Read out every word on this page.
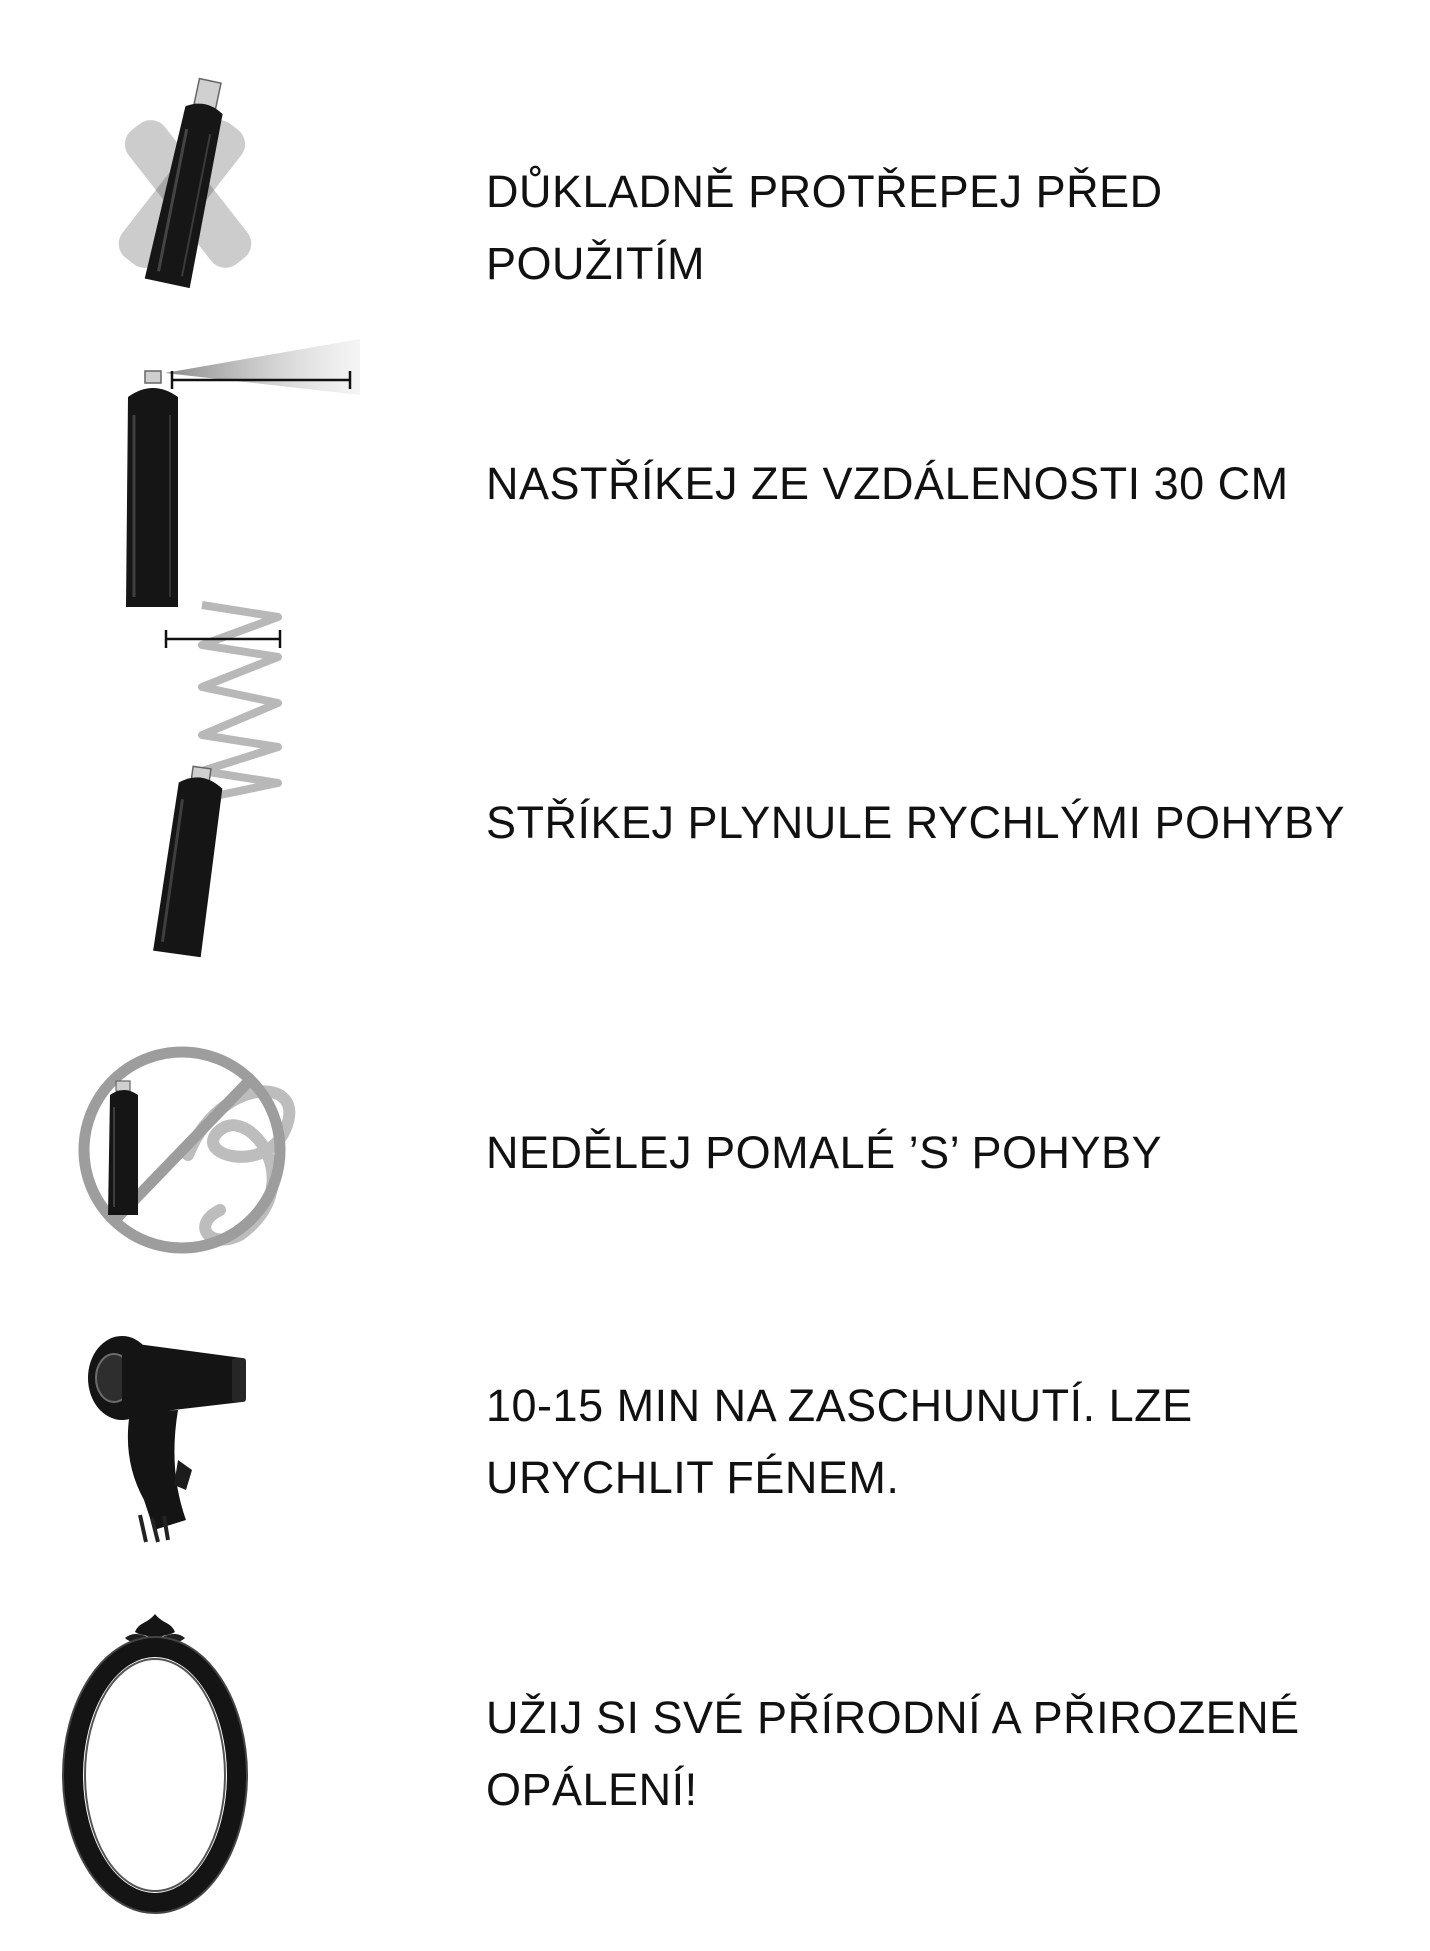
DŮKLADNĚ PROTŘEPEJ PŘED POUŽITÍM
NASTŘÍKEJ ZE VZDÁLENOSTI 30 CM
STŘÍKEJ PLYNULE RYCHLÝMI POHYBY
NEDĚLEJ POMALÉ ’S’ POHYBY
10-15 MIN NA ZASCHUNUTÍ. LZE URYCHLIT FÉNEM.
UŽIJ SI SVÉ PŘÍRODNÍ A PŘIROZENÉ OPÁLENÍ!
